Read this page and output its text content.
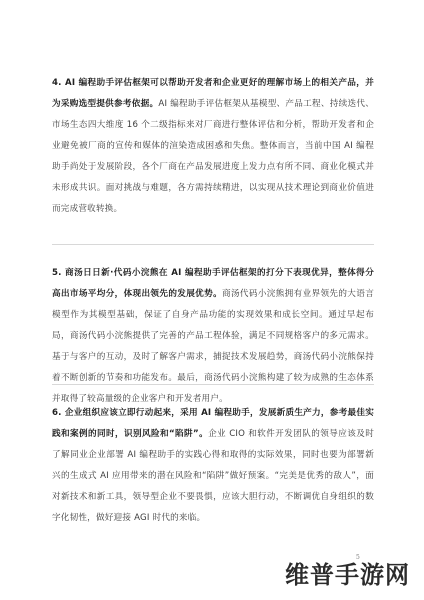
4. AI 编程助手评估框架可以帮助开发者和企业更好的理解市场上的相关产品，并为采购选型提供参考依据。AI 编程助手评估框架从基模型、产品工程、持续迭代、市场生态四大维度 16 个二级指标来对厂商进行整体评估和分析，帮助开发者和企业避免被厂商的宣传和媒体的渲染造成困惑和失焦。整体而言，当前中国 AI 编程助手尚处于发展阶段，各个厂商在产品发展进度上发力点有所不同、商业化模式并未形成共识。面对挑战与难题，各方需持续精进，以实现从技术理论到商业价值进而完成营收转换。

5. 商汤日日新·代码小浣熊在 AI 编程助手评估框架的打分下表现优异，整体得分高出市场平均分，体现出领先的发展优势。商汤代码小浣熊拥有业界领先的大语言模型作为其模型基础，保证了自身产品功能的实现效果和成长空间。通过早起布局，商汤代码小浣熊提供了完善的产品工程体验，满足不同规格客户的多元需求。基于与客户的互动，及时了解客户需求，捕捉技术发展趋势，商汤代码小浣熊保持着不断创新的节奏和功能发布。最后，商汤代码小浣熊构建了较为成熟的生态体系并取得了较高量级的企业客户和开发者用户。

6. 企业组织应该立即行动起来，采用 AI 编程助手，发展新质生产力，参考最佳实践和案例的同时，识别风险和“陷阱”。企业 CIO 和软件开发团队的领导应该及时了解同业企业部署 AI 编程助手的实践心得和取得的实际效果，同时也要为部署新兴的生成式 AI 应用带来的潜在风险和“陷阱”做好预案。“完美是优秀的敌人”，面对新技术和新工具，领导型企业不要畏惧，应该大胆行动，不断调优自身组织的数字化韧性，做好迎接 AGI 时代的来临。

5
维普手游网
